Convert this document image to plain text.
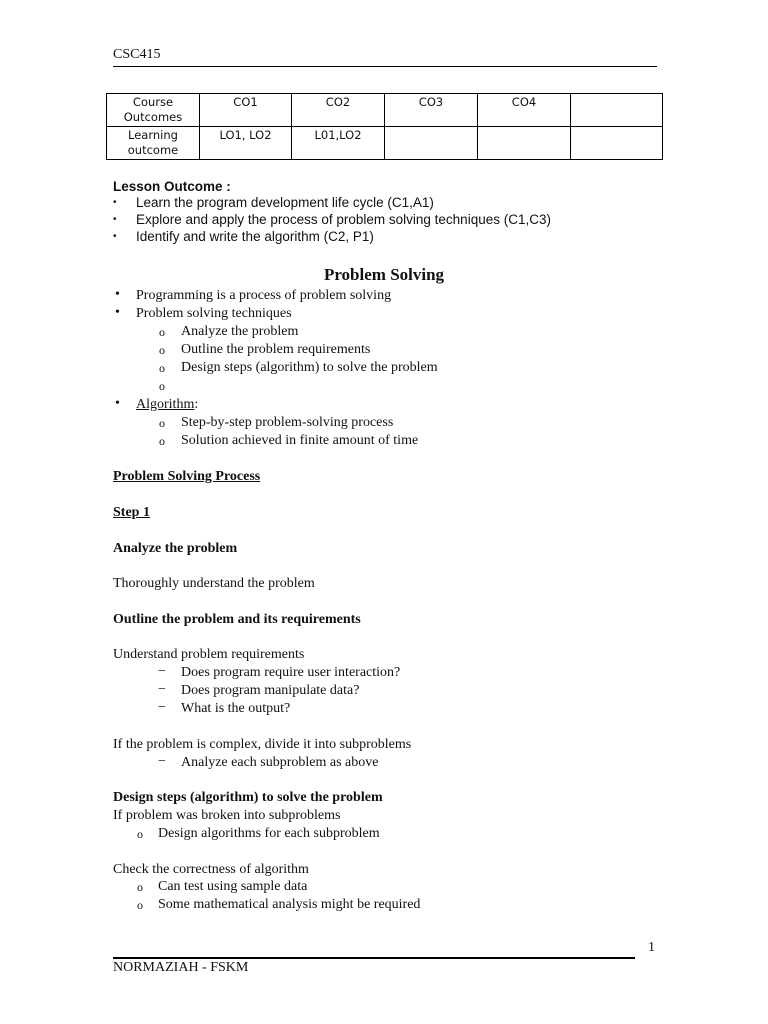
CSC415
Course Outcomes	CO1	CO2	CO3	CO4	
Learning outcome	LO1, LO2	L01,LO2			
Lesson Outcome :
• Learn the program development life cycle (C1,A1)
• Explore and apply the process of problem solving techniques (C1,C3)
• Identify and write the algorithm (C2, P1)
Problem Solving
• Programming is a process of problem solving
• Problem solving techniques
o Analyze the problem
o Outline the problem requirements
o Design steps (algorithm) to solve the problem
o
• Algorithm:
o Step-by-step problem-solving process
o Solution achieved in finite amount of time
Problem Solving Process
Step 1
Analyze the problem
Thoroughly understand the problem
Outline the problem and its requirements
Understand problem requirements
− Does program require user interaction?
− Does program manipulate data?
− What is the output?
If the problem is complex, divide it into subproblems
− Analyze each subproblem as above
Design steps (algorithm) to solve the problem
If problem was broken into subproblems
o Design algorithms for each subproblem
Check the correctness of algorithm
o Can test using sample data
o Some mathematical analysis might be required
1
NORMAZIAH - FSKM
